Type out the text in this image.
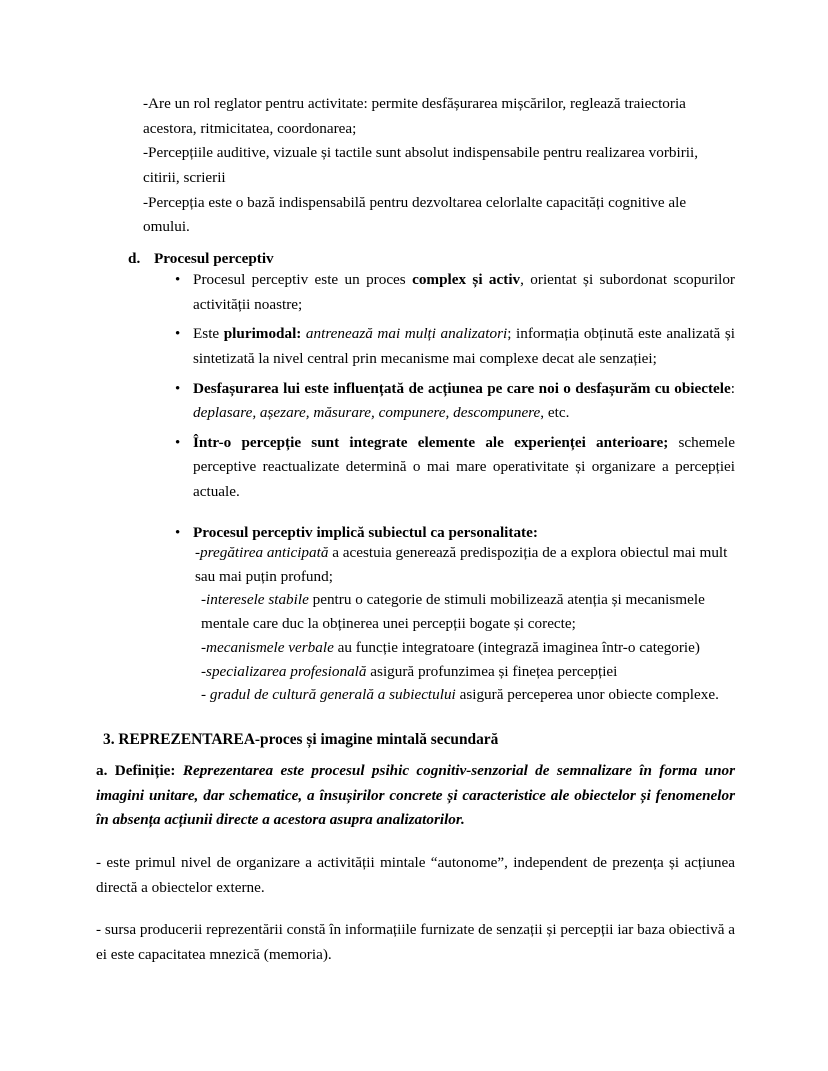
-Are un rol reglator pentru activitate: permite desfășurarea mișcărilor, reglează traiectoria acestora, ritmicitatea, coordonarea;

-Percepțiile auditive, vizuale și tactile sunt absolut indispensabile pentru realizarea vorbirii, citirii, scrierii

-Percepția este o bază indispensabilă pentru dezvoltarea celorlalte capacități cognitive ale omului.

d. Procesul perceptiv
• Procesul perceptiv este un proces complex și activ, orientat și subordonat scopurilor activității noastre;
• Este plurimodal: antrenează mai mulți analizatori; informația obținută este analizată și sintetizată la nivel central prin mecanisme mai complexe decat ale senzației;
• Desfașurarea lui este influențată de acțiunea pe care noi o desfașurăm cu obiectele: deplasare, așezare, măsurare, compunere, descompunere, etc.
• Într-o percepție sunt integrate elemente ale experienței anterioare; schemele perceptive reactualizate determină o mai mare operativitate și organizare a percepției actuale.
• Procesul perceptiv implică subiectul ca personalitate:

-pregătirea anticipată a acestuia generează predispoziția de a explora obiectul mai mult sau mai puțin profund;

-interesele stabile pentru o categorie de stimuli mobilizează atenția și mecanismele mentale care duc la obținerea unei percepții bogate și corecte;

-mecanismele verbale au funcție integratoare (integrază imaginea într-o categorie)

-specializarea profesională asigură profunzimea și finețea percepției

- gradul de cultură generală a subiectului asigură perceperea unor obiecte complexe.

3. REPREZENTAREA-proces și imagine mintală secundară

a. Definiție: Reprezentarea este procesul psihic cognitiv-senzorial de semnalizare în forma unor imagini unitare, dar schematice, a însușirilor concrete și caracteristice ale obiectelor și fenomenelor în absența acțiunii directe a acestora asupra analizatorilor.

- este primul nivel de organizare a activității mintale “autonome”, independent de prezența și acțiunea directă a obiectelor externe.

- sursa producerii reprezentării constă în informațiile furnizate de senzații și percepții iar baza obiectivă a ei este capacitatea mnezică (memoria).
